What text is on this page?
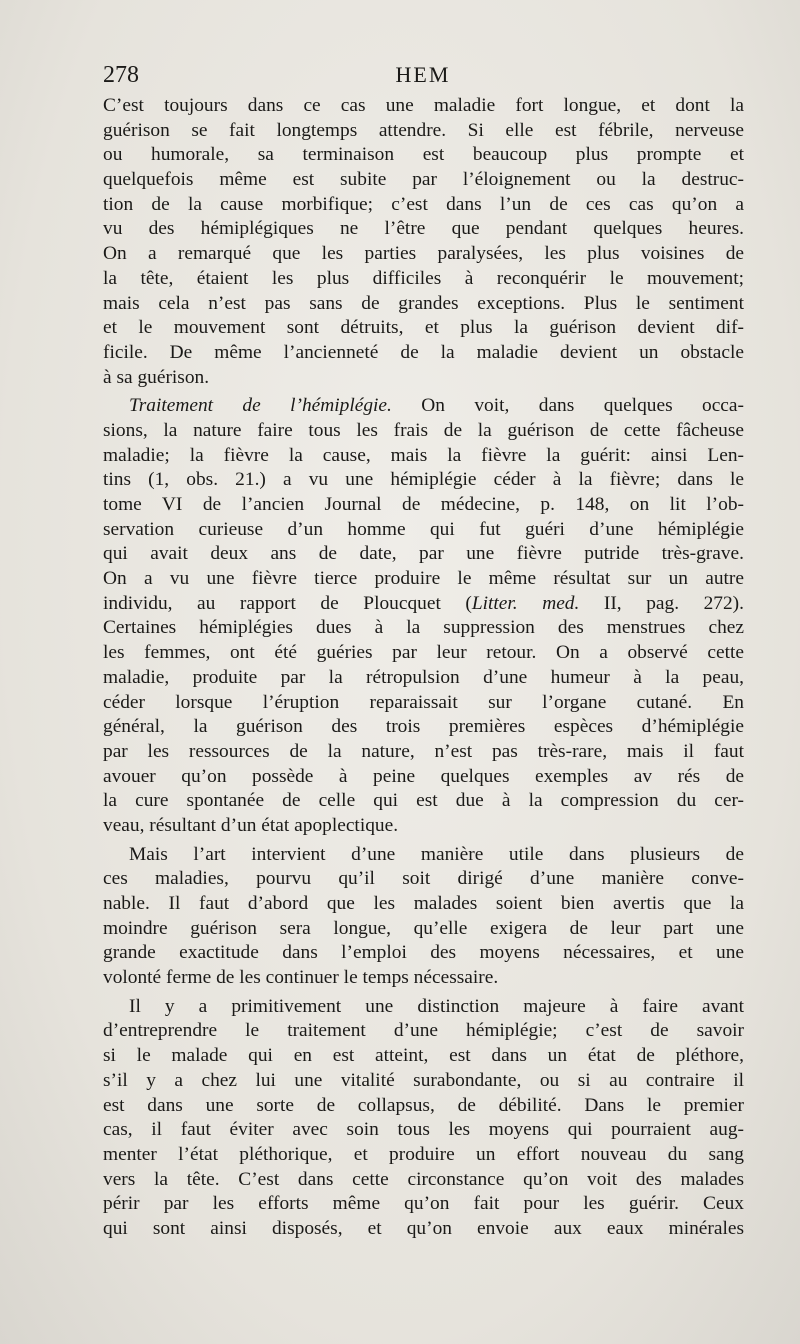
278	HEM
C’est toujours dans ce cas une maladie fort longue, et dont la
guérison se fait longtemps attendre. Si elle est fébrile, nerveuse
ou humorale, sa terminaison est beaucoup plus prompte et
quelquefois même est subite par l’éloignement ou la destruc-
tion de la cause morbifique; c’est dans l’un de ces cas qu’on a
vu des hémiplégiques ne l’être que pendant quelques heures.
On a remarqué que les parties paralysées, les plus voisines de
la tête, étaient les plus difficiles à reconquérir le mouvement;
mais cela n’est pas sans de grandes exceptions. Plus le sentiment
et le mouvement sont détruits, et plus la guérison devient dif-
ficile. De même l’ancienneté de la maladie devient un obstacle
à sa guérison.
Traitement de l’hémiplégie. On voit, dans quelques occa-
sions, la nature faire tous les frais de la guérison de cette fâcheuse
maladie; la fièvre la cause, mais la fièvre la guérit: ainsi Len-
tins (1, obs. 21.) a vu une hémiplégie céder à la fièvre; dans le
tome VI de l’ancien Journal de médecine, p. 148, on lit l’ob-
servation curieuse d’un homme qui fut guéri d’une hémiplégie
qui avait deux ans de date, par une fièvre putride très-grave.
On a vu une fièvre tierce produire le même résultat sur un autre
individu, au rapport de Ploucquet (Litter. med. II, pag. 272).
Certaines hémiplégies dues à la suppression des menstrues chez
les femmes, ont été guéries par leur retour. On a observé cette
maladie, produite par la rétropulsion d’une humeur à la peau,
céder lorsque l’éruption reparaissait sur l’organe cutané. En
général, la guérison des trois premières espèces d’hémiplégie
par les ressources de la nature, n’est pas très-rare, mais il faut
avouer qu’on possède à peine quelques exemples av rés de
la cure spontanée de celle qui est due à la compression du cer-
veau, résultant d’un état apoplectique.
Mais l’art intervient d’une manière utile dans plusieurs de
ces maladies, pourvu qu’il soit dirigé d’une manière conve-
nable. Il faut d’abord que les malades soient bien avertis que la
moindre guérison sera longue, qu’elle exigera de leur part une
grande exactitude dans l’emploi des moyens nécessaires, et une
volonté ferme de les continuer le temps nécessaire.
Il y a primitivement une distinction majeure à faire avant
d’entreprendre le traitement d’une hémiplégie; c’est de savoir
si le malade qui en est atteint, est dans un état de pléthore,
s’il y a chez lui une vitalité surabondante, ou si au contraire il
est dans une sorte de collapsus, de débilité. Dans le premier
cas, il faut éviter avec soin tous les moyens qui pourraient aug-
menter l’état pléthorique, et produire un effort nouveau du sang
vers la tête. C’est dans cette circonstance qu’on voit des malades
périr par les efforts même qu’on fait pour les guérir. Ceux
qui sont ainsi disposés, et qu’on envoie aux eaux minérales
